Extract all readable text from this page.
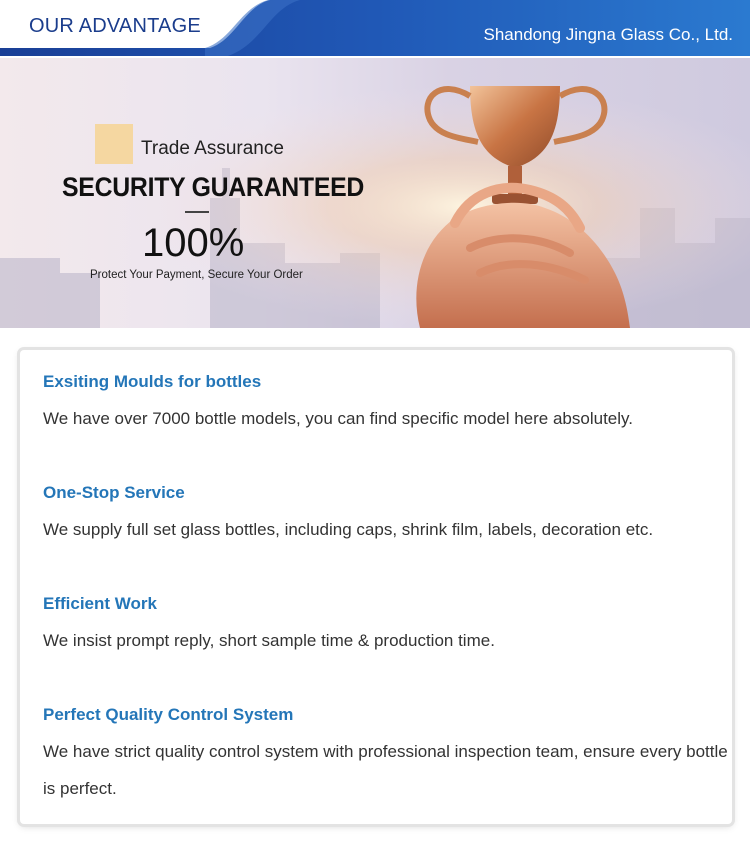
OUR ADVANTAGE	Shandong Jingna Glass Co., Ltd.
Trade Assurance
SECURITY GUARANTEED
100%
Protect Your Payment, Secure Your Order
Exsiting Moulds for bottles
We have over 7000 bottle models, you can find specific model here absolutely.
One-Stop Service
We supply full set glass bottles, including caps, shrink film, labels, decoration etc.
Efficient Work
We insist prompt reply, short sample time & production time.
Perfect Quality Control System
We have strict quality control system with professional inspection team, ensure every bottle is perfect.
